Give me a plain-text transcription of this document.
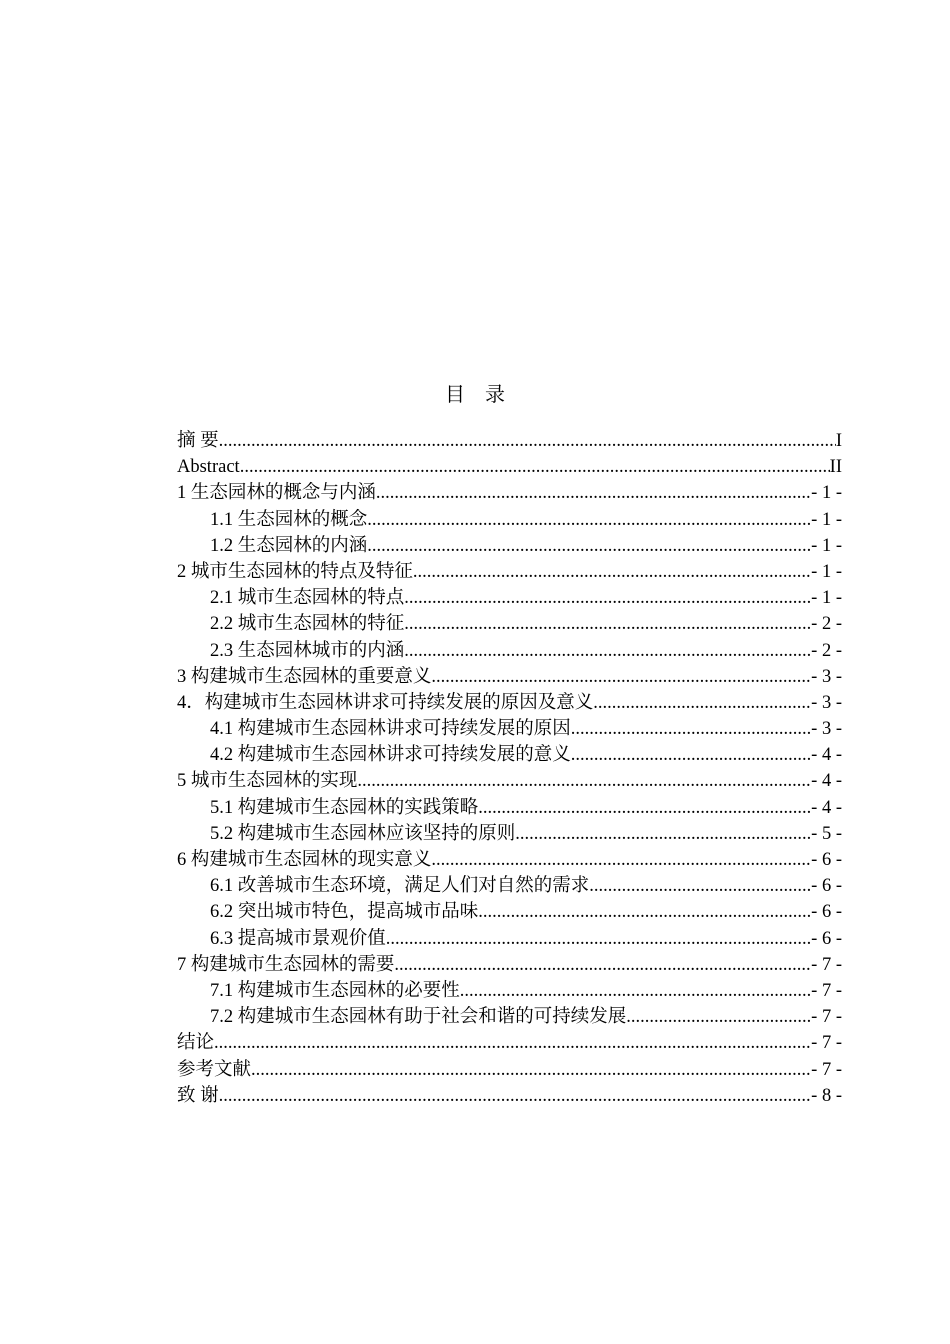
目 录
摘 要 .....	I
Abstract .....	II
1 生态园林的概念与内涵 .....	- 1 -
1.1 生态园林的概念 .....	- 1 -
1.2 生态园林的内涵 .....	- 1 -
2 城市生态园林的特点及特征 .....	- 1 -
2.1 城市生态园林的特点 .....	- 1 -
2.2 城市生态园林的特征 .....	- 2 -
2.3 生态园林城市的内涵 .....	- 2 -
3 构建城市生态园林的重要意义 .....	- 3 -
4．构建城市生态园林讲求可持续发展的原因及意义 .....	- 3 -
4.1 构建城市生态园林讲求可持续发展的原因 .....	- 3 -
4.2 构建城市生态园林讲求可持续发展的意义 .....	- 4 -
5 城市生态园林的实现 .....	- 4 -
5.1 构建城市生态园林的实践策略 .....	- 4 -
5.2 构建城市生态园林应该坚持的原则 .....	- 5 -
6 构建城市生态园林的现实意义 .....	- 6 -
6.1 改善城市生态环境，满足人们对自然的需求 .....	- 6 -
6.2 突出城市特色，提高城市品味 .....	- 6 -
6.3 提高城市景观价值 .....	- 6 -
7 构建城市生态园林的需要 .....	- 7 -
7.1 构建城市生态园林的必要性 .....	- 7 -
7.2 构建城市生态园林有助于社会和谐的可持续发展 .....	- 7 -
结论 .....	- 7 -
参考文献 .....	- 7 -
致 谢 .....	- 8 -
